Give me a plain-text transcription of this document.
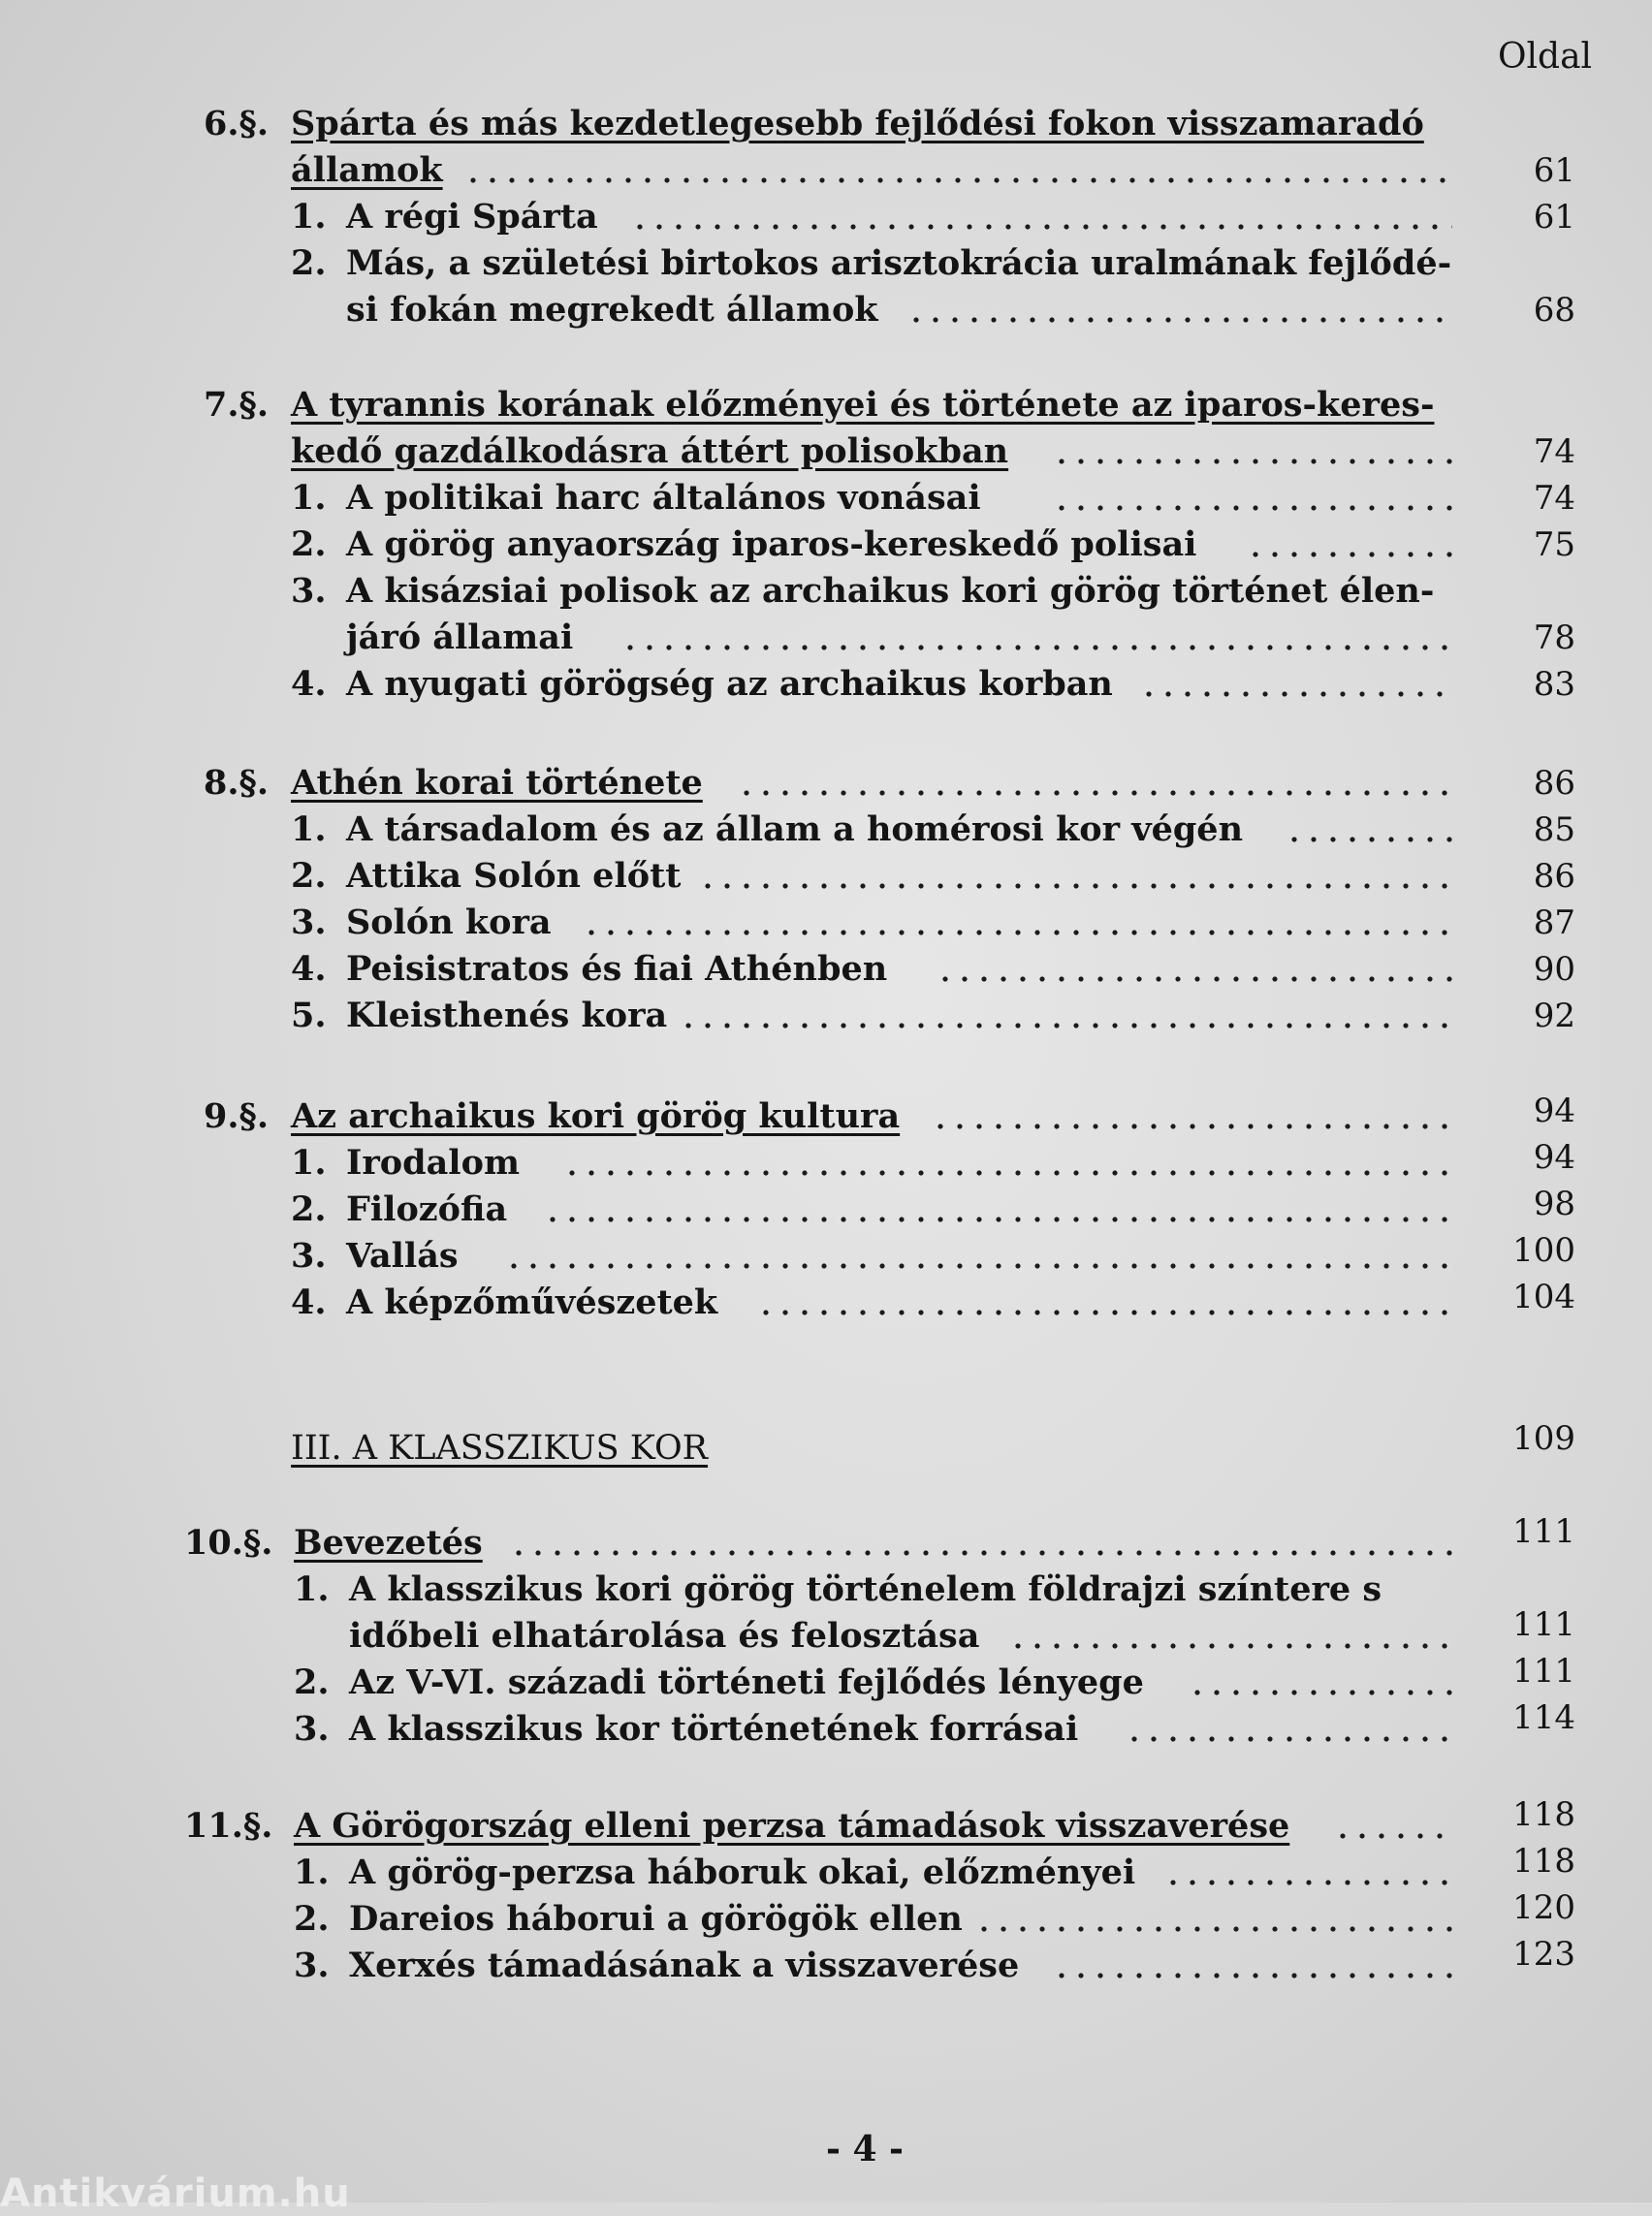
Oldal
6.§. Spárta és más kezdetlegesebb fejlődési fokon visszamaradó
államok	61
1. A régi Spárta	61
2. Más, a születési birtokos arisztokrácia uralmának fejlődé-
si fokán megrekedt államok	68
7.§. A tyrannis korának előzményei és története az iparos-keres-
kedő gazdálkodásra áttért polisokban	74
1. A politikai harc általános vonásai	74
2. A görög anyaország iparos-kereskedő polisai	75
3. A kisázsiai polisok az archaikus kori görög történet élen-
járó államai	78
4. A nyugati görögség az archaikus korban	83
8.§. Athén korai története	86
1. A társadalom és az állam a homérosi kor végén	85
2. Attika Solón előtt	86
3. Solón kora	87
4. Peisistratos és fiai Athénben	90
5. Kleisthenés kora	92
9.§. Az archaikus kori görög kultura	94
1. Irodalom	94
2. Filozófia	98
3. Vallás	100
4. A képzőművészetek	104
III. A KLASSZIKUS KOR	109
10.§. Bevezetés	111
1. A klasszikus kori görög történelem földrajzi színtere s
időbeli elhatárolása és felosztása	111
2. Az V-VI. századi történeti fejlődés lényege	111
3. A klasszikus kor történetének forrásai	114
11.§. A Görögország elleni perzsa támadások visszaverése	118
1. A görög-perzsa háboruk okai, előzményei	118
2. Dareios háborui a görögök ellen	120
3. Xerxés támadásának a visszaverése	123
- 4 -
Antikvárium.hu
